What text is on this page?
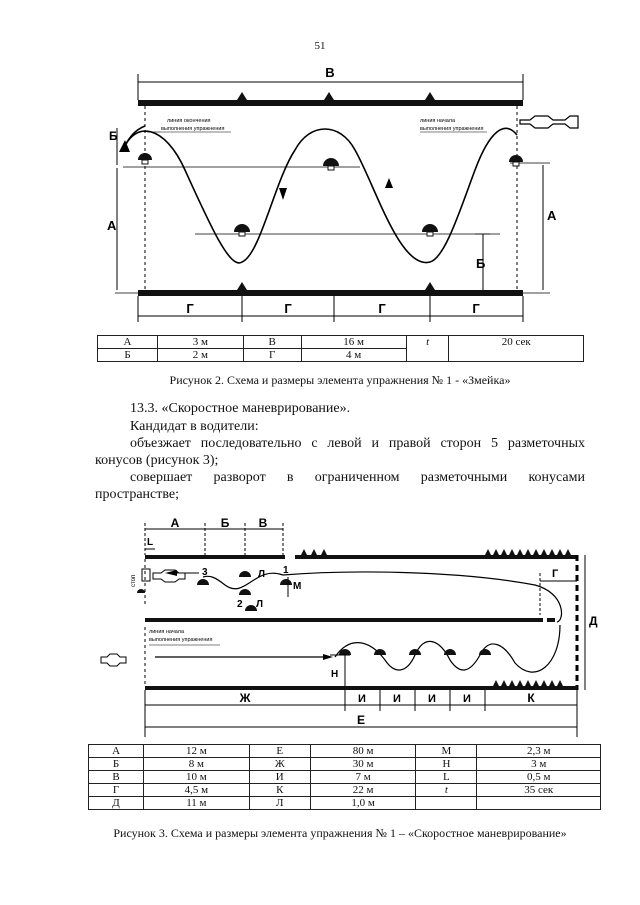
51
В
Б
А
А
Б
линия окончения выполнения упражнения
линия начала выполнения упражнения
Г	Г	Г	Г
А	3 м	В	16 м	t	20 сек
Б	2 м	Г	4 м		
Рисунок 2. Схема и размеры элемента упражнения № 1 - «Змейка»
13.3. «Скоростное маневрирование».
Кандидат в водители:
объезжает последовательно с левой и правой сторон 5 разметочных
конусов (рисунок 3);
совершает разворот в ограниченном разметочными конусами
пространстве;
А	Б В
L
стоп
3
2
1
Л
Л
М
Г
Д
линия начала выполнения упражнения
Н
Ж	И И И И	К
Е
А	12 м	Е	80 м	М	2,3 м
Б	8 м	Ж	30 м	Н	3 м
В	10 м	И	7 м	L	0,5 м
Г	4,5 м	К	22 м	t	35 сек
Д	11 м	Л	1,0 м		
Рисунок 3. Схема и размеры элемента упражнения № 1 – «Скоростное маневрирование»
